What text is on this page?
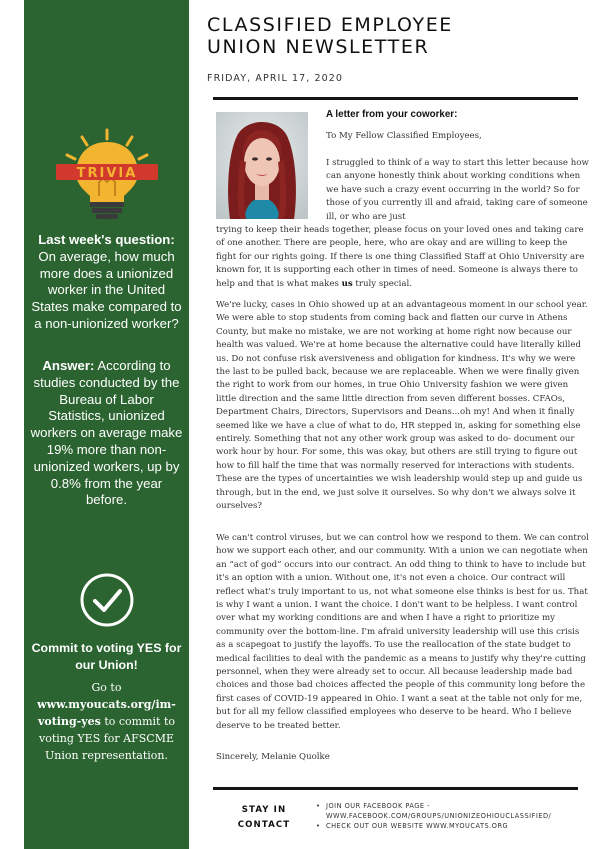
TRIVIA
Last week's question: On average, how much more does a unionized worker in the United States make compared to a non-unionized worker?
Answer: According to studies conducted by the Bureau of Labor Statistics, unionized workers on average make 19% more than non-unionized workers, up by 0.8% from the year before.
Commit to voting YES for our Union!
Go to
www.myoucats.org/im-voting-yes to commit to voting YES for AFSCME Union representation.
CLASSIFIED EMPLOYEE
UNION NEWSLETTER
FRIDAY, APRIL 17, 2020
A letter from your coworker:
To My Fellow Classified Employees,
I struggled to think of a way to start this letter because how can anyone honestly think about working conditions when we have such a crazy event occurring in the world? So for those of you currently ill and afraid, taking care of someone ill, or who are just
trying to keep their heads together, please focus on your loved ones and taking care of one another. There are people, here, who are okay and are willing to keep the fight for our rights going. If there is one thing Classified Staff at Ohio University are known for, it is supporting each other in times of need. Someone is always there to help and that is what makes us truly special.
We're lucky, cases in Ohio showed up at an advantageous moment in our school year. We were able to stop students from coming back and flatten our curve in Athens County, but make no mistake, we are not working at home right now because our health was valued. We're at home because the alternative could have literally killed us. Do not confuse risk aversiveness and obligation for kindness. It's why we were the last to be pulled back, because we are replaceable. When we were finally given the right to work from our homes, in true Ohio University fashion we were given little direction and the same little direction from seven different bosses. CFAOs, Department Chairs, Directors, Supervisors and Deans...oh my! And when it finally seemed like we have a clue of what to do, HR stepped in, asking for something else entirely. Something that not any other work group was asked to do- document our work hour by hour. For some, this was okay, but others are still trying to figure out how to fill half the time that was normally reserved for interactions with students. These are the types of uncertainties we wish leadership would step up and guide us through, but in the end, we just solve it ourselves. So why don't we always solve it ourselves?
We can't control viruses, but we can control how we respond to them. We can control how we support each other, and our community. With a union we can negotiate when an “act of god” occurs into our contract. An odd thing to think to have to include but it's an option with a union. Without one, it's not even a choice. Our contract will reflect what's truly important to us, not what someone else thinks is best for us. That is why I want a union. I want the choice. I don't want to be helpless. I want control over what my working conditions are and when I have a right to prioritize my community over the bottom-line. I'm afraid university leadership will use this crisis as a scapegoat to justify the layoffs. To use the reallocation of the state budget to medical facilities to deal with the pandemic as a means to justify why they're cutting personnel, when they were already set to occur. All because leadership made bad choices and those bad choices affected the people of this community long before the first cases of COVID-19 appeared in Ohio. I want a seat at the table not only for me, but for all my fellow classified employees who deserve to be heard. Who I believe deserve to be treated better.
Sincerely, Melanie Quolke
STAY IN CONTACT
• JOIN OUR FACEBOOK PAGE - WWW.FACEBOOK.COM/GROUPS/UNIONIZEOHIOUCLASSIFIED/
• CHECK OUT OUR WEBSITE WWW.MYOUCATS.ORG
